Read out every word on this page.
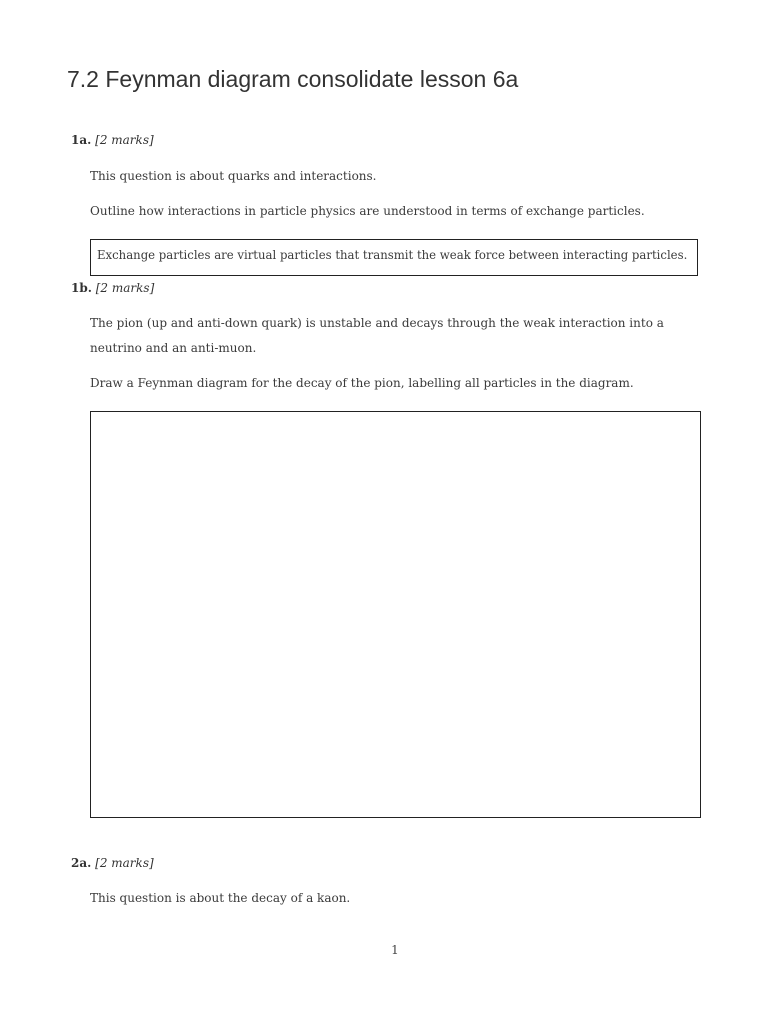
7.2 Feynman diagram consolidate lesson 6a
1a. [2 marks]

This question is about quarks and interactions.

Outline how interactions in particle physics are understood in terms of exchange particles.

Exchange particles are virtual particles that transmit the weak force between interacting particles.
1b. [2 marks]

The pion (up and anti-down quark) is unstable and decays through the weak interaction into a neutrino and an anti-muon.

Draw a Feynman diagram for the decay of the pion, labelling all particles in the diagram.

2a. [2 marks]

This question is about the decay of a kaon.

1
